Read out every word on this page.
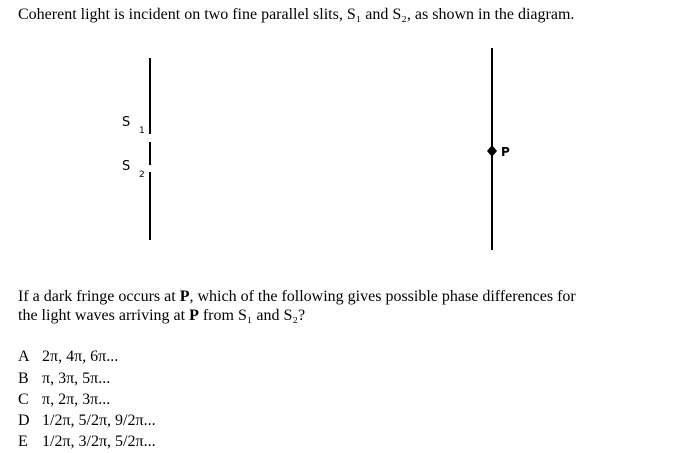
Coherent light is incident on two fine parallel slits, S₁ and S₂, as shown in the diagram.
S
1
S
2
P
If a dark fringe occurs at P, which of the following gives possible phase differences for
the light waves arriving at P from S₁ and S₂?
A 2π, 4π, 6π...
B π, 3π, 5π...
C π, 2π, 3π...
D 1/2π, 5/2π, 9/2π...
E 1/2π, 3/2π, 5/2π...
